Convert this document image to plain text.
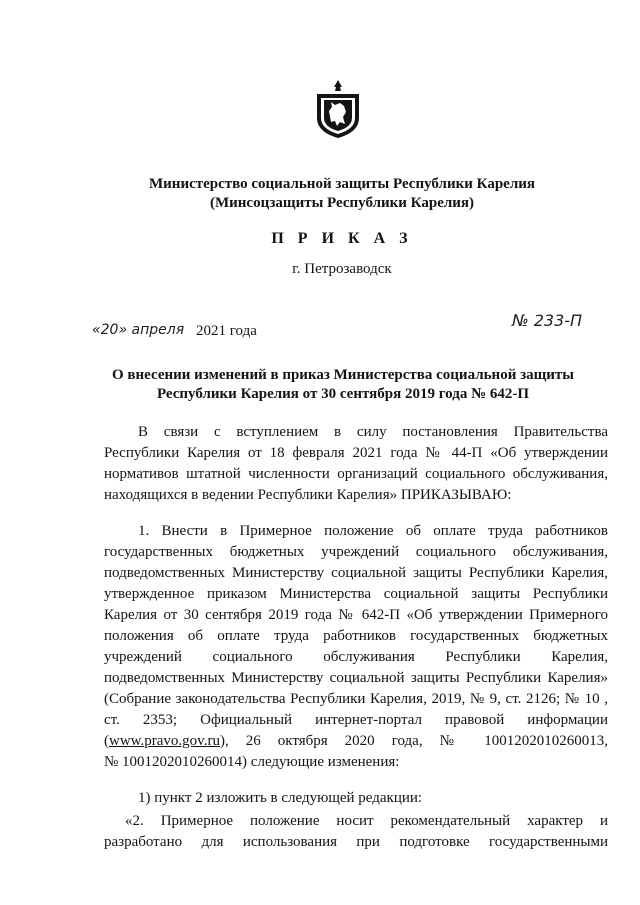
Министерство социальной защиты Республики Карелия
(Минсоцзащиты Республики Карелия)
П Р И К А З
г. Петрозаводск
«20» апреля 2021 года
№ 233-П
О внесении изменений в приказ Министерства социальной защиты
Республики Карелия от 30 сентября 2019 года № 642-П
В связи с вступлением в силу постановления Правительства
Республики Карелия от 18 февраля 2021 года № 44-П «Об утверждении
нормативов штатной численности организаций социального обслуживания,
находящихся в ведении Республики Карелия» ПРИКАЗЫВАЮ:
1. Внести в Примерное положение об оплате труда работников
государственных бюджетных учреждений социального обслуживания,
подведомственных Министерству социальной защиты Республики Карелия,
утвержденное приказом Министерства социальной защиты Республики
Карелия от 30 сентября 2019 года № 642-П «Об утверждении Примерного
положения об оплате труда работников государственных бюджетных
учреждений социального обслуживания Республики Карелия,
подведомственных Министерству социальной защиты Республики Карелия»
(Собрание законодательства Республики Карелия, 2019, № 9, ст. 2126; № 10 ,
ст. 2353; Официальный интернет-портал правовой информации
(www.pravo.gov.ru), 26 октября 2020 года, № 1001202010260013,
№ 1001202010260014) следующие изменения:
1) пункт 2 изложить в следующей редакции:
«2. Примерное положение носит рекомендательный характер и
разработано для использования при подготовке государственными
